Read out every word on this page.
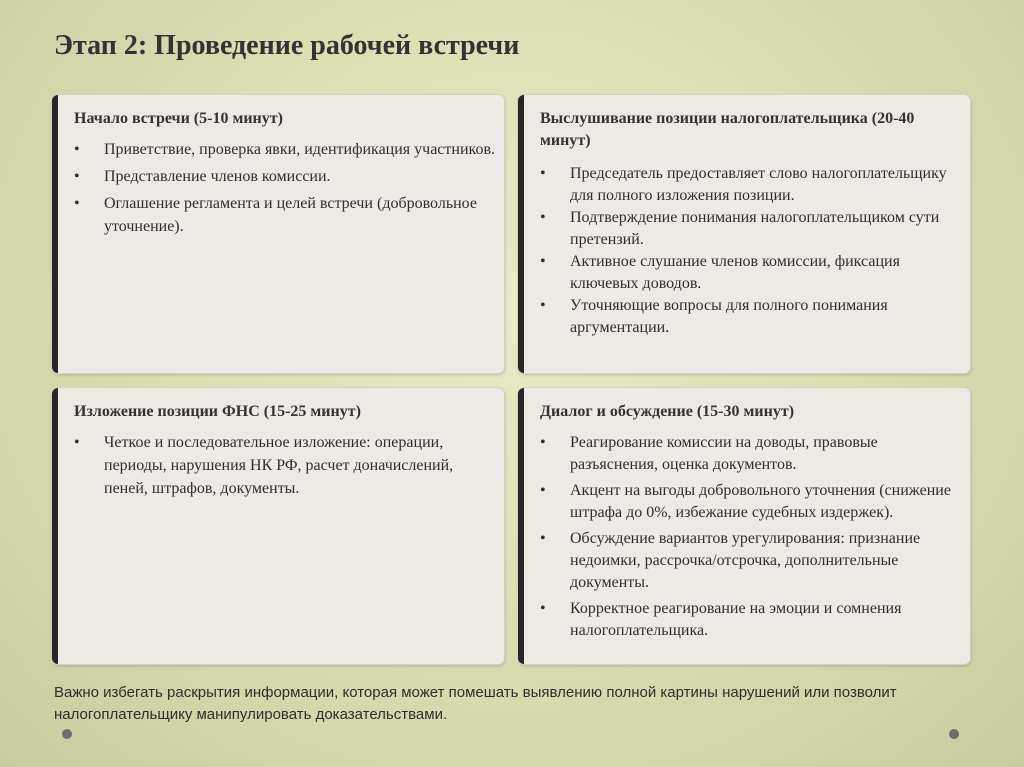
Этап 2: Проведение рабочей встречи
Начало встречи (5-10 минут)
• Приветствие, проверка явки, идентификация участников.
• Представление членов комиссии.
• Оглашение регламента и целей встречи (добровольное уточнение).
Выслушивание позиции налогоплательщика (20-40 минут)
• Председатель предоставляет слово налогоплательщику для полного изложения позиции.
• Подтверждение понимания налогоплательщиком сути претензий.
• Активное слушание членов комиссии, фиксация ключевых доводов.
• Уточняющие вопросы для полного понимания аргументации.
Изложение позиции ФНС (15-25 минут)
• Четкое и последовательное изложение: операции, периоды, нарушения НК РФ, расчет доначислений, пеней, штрафов, документы.
Диалог и обсуждение (15-30 минут)
• Реагирование комиссии на доводы, правовые разъяснения, оценка документов.
• Акцент на выгоды добровольного уточнения (снижение штрафа до 0%, избежание судебных издержек).
• Обсуждение вариантов урегулирования: признание недоимки, рассрочка/отсрочка, дополнительные документы.
• Корректное реагирование на эмоции и сомнения налогоплательщика.
Важно избегать раскрытия информации, которая может помешать выявлению полной картины нарушений или позволит налогоплательщику манипулировать доказательствами.
